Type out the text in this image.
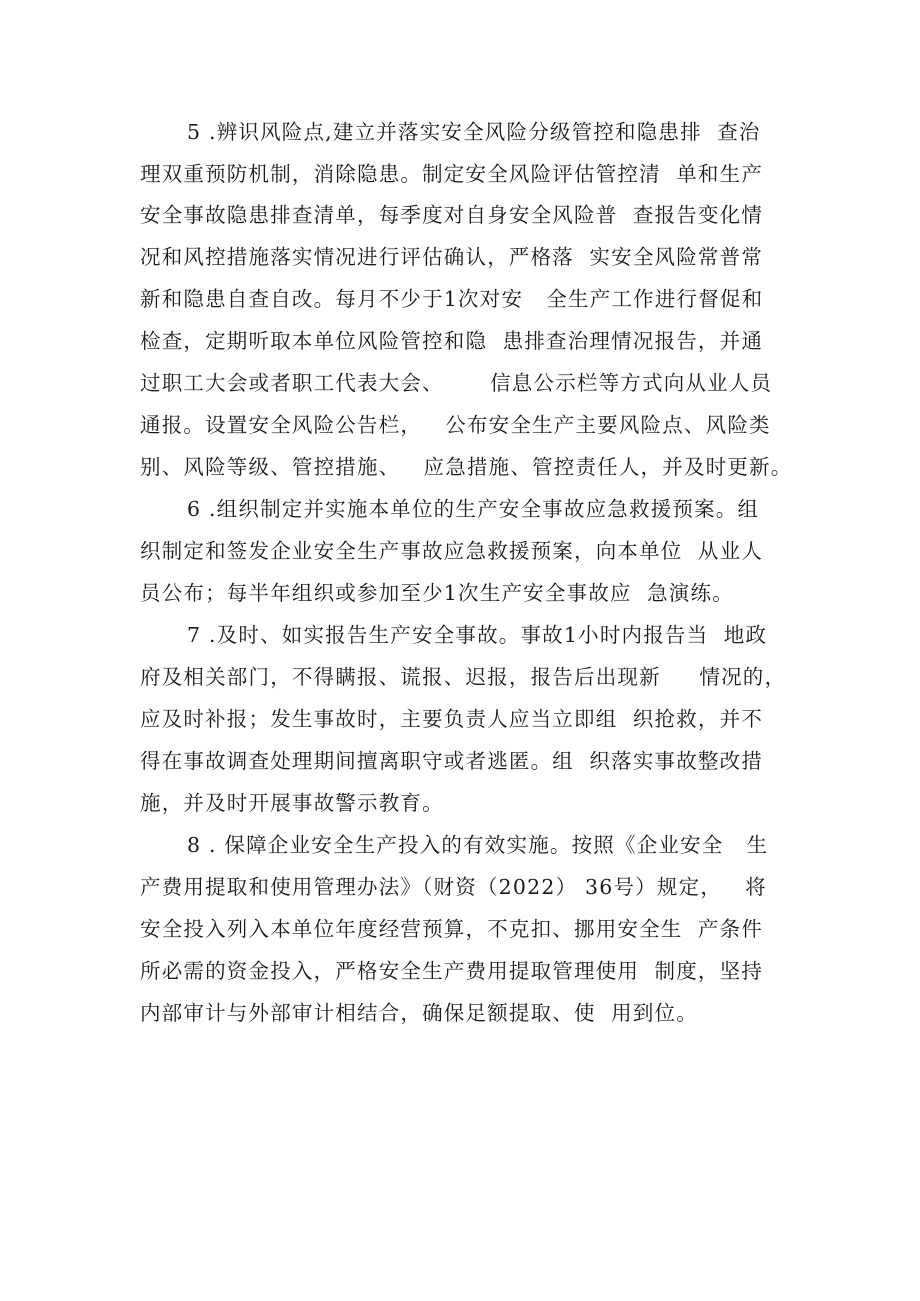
5 .辨识风险点,建立并落实安全风险分级管控和隐患排  查治
理双重预防机制，消除隐患。制定安全风险评估管控清  单和生产
安全事故隐患排查清单，每季度对自身安全风险普  查报告变化情
况和风控措施落实情况进行评估确认，严格落  实安全风险常普常
新和隐患自查自改。每月不少于1次对安   全生产工作进行督促和
检查，定期听取本单位风险管控和隐  患排查治理情况报告，并通
过职工大会或者职工代表大会、      信息公示栏等方式向从业人员
通报。设置安全风险公告栏，   公布安全生产主要风险点、风险类
别、风险等级、管控措施、   应急措施、管控责任人，并及时更新。
6 .组织制定并实施本单位的生产安全事故应急救援预案。组
织制定和签发企业安全生产事故应急救援预案，向本单位  从业人
员公布；每半年组织或参加至少1次生产安全事故应  急演练。
7 .及时、如实报告生产安全事故。事故1小时内报告当  地政
府及相关部门，不得瞒报、谎报、迟报，报告后出现新     情况的，
应及时补报；发生事故时，主要负责人应当立即组  织抢救，并不
得在事故调查处理期间擅离职守或者逃匿。组  织落实事故整改措
施，并及时开展事故警示教育。
8 . 保障企业安全生产投入的有效实施。按照《企业安全   生
产费用提取和使用管理办法》（财资（2022） 36号）规定，   将
安全投入列入本单位年度经营预算，不克扣、挪用安全生  产条件
所必需的资金投入，严格安全生产费用提取管理使用  制度，坚持
内部审计与外部审计相结合，确保足额提取、使  用到位。
